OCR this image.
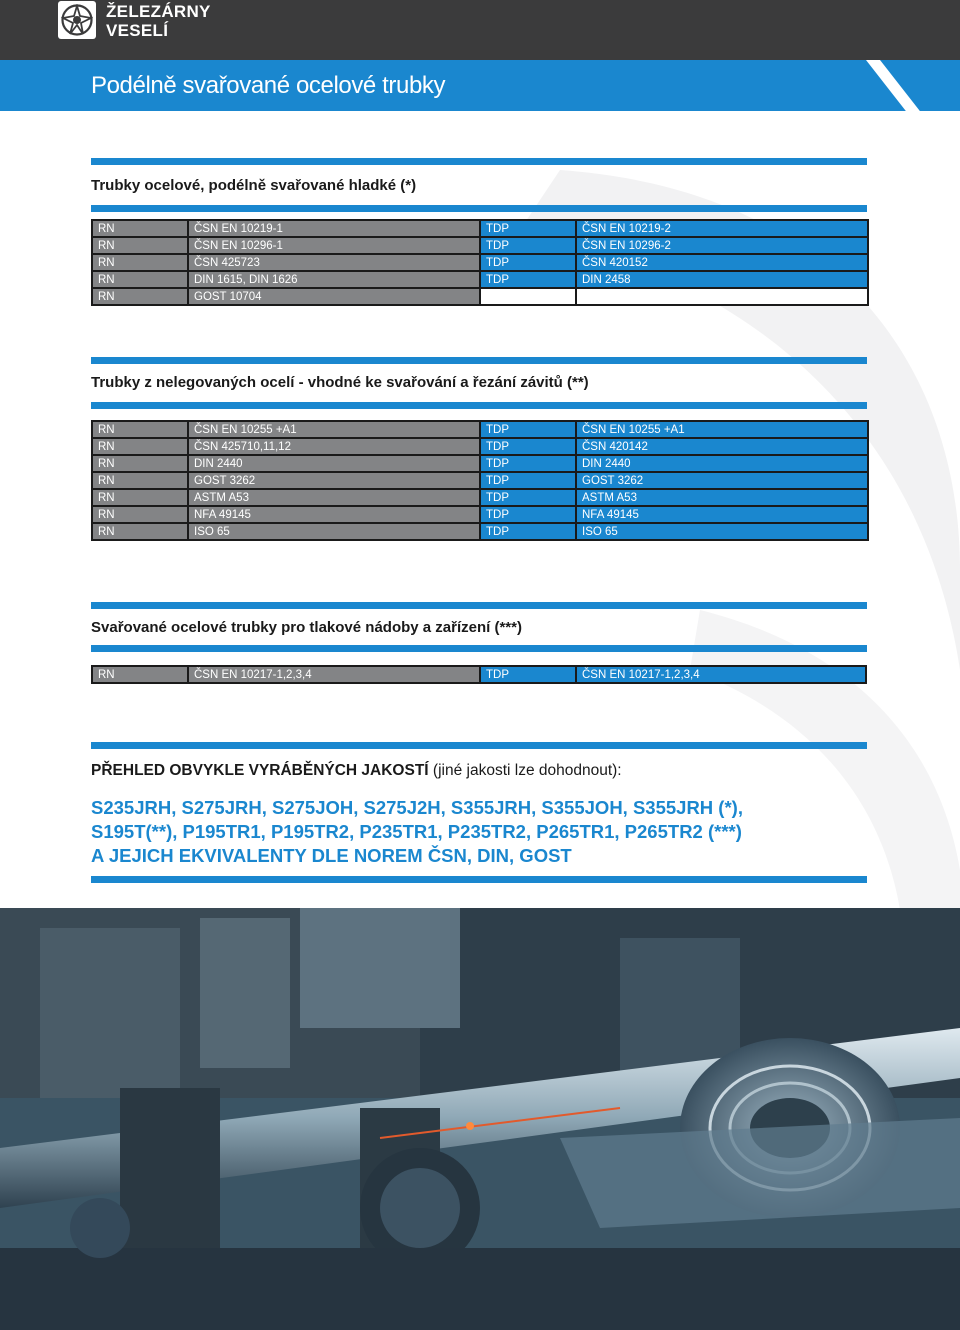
ŽELEZÁRNY
VESELÍ
Podélně svařované ocelové trubky
Trubky ocelové, podélně svařované hladké (*)
RN	ČSN EN 10219-1	TDP	ČSN EN 10219-2
RN	ČSN EN 10296-1	TDP	ČSN EN 10296-2
RN	ČSN 425723	TDP	ČSN 420152
RN	DIN 1615, DIN 1626	TDP	DIN 2458
RN	GOST 10704		
Trubky z nelegovaných ocelí - vhodné ke svařování a řezání závitů (**)
RN	ČSN EN 10255 +A1	TDP	ČSN EN 10255 +A1
RN	ČSN 425710,11,12	TDP	ČSN 420142
RN	DIN 2440	TDP	DIN 2440
RN	GOST 3262	TDP	GOST 3262
RN	ASTM A53	TDP	ASTM A53
RN	NFA 49145	TDP	NFA 49145
RN	ISO 65	TDP	ISO 65
Svařované ocelové trubky pro tlakové nádoby a zařízení (***)
RN	ČSN EN 10217-1,2,3,4	TDP	ČSN EN 10217-1,2,3,4
PŘEHLED OBVYKLE VYRÁBĚNÝCH JAKOSTÍ (jiné jakosti lze dohodnout):
S235JRH, S275JRH, S275JOH, S275J2H, S355JRH, S355JOH, S355JRH (*),
S195T(**), P195TR1, P195TR2, P235TR1, P235TR2, P265TR1, P265TR2 (***)
A JEJICH EKVIVALENTY DLE NOREM ČSN, DIN, GOST
